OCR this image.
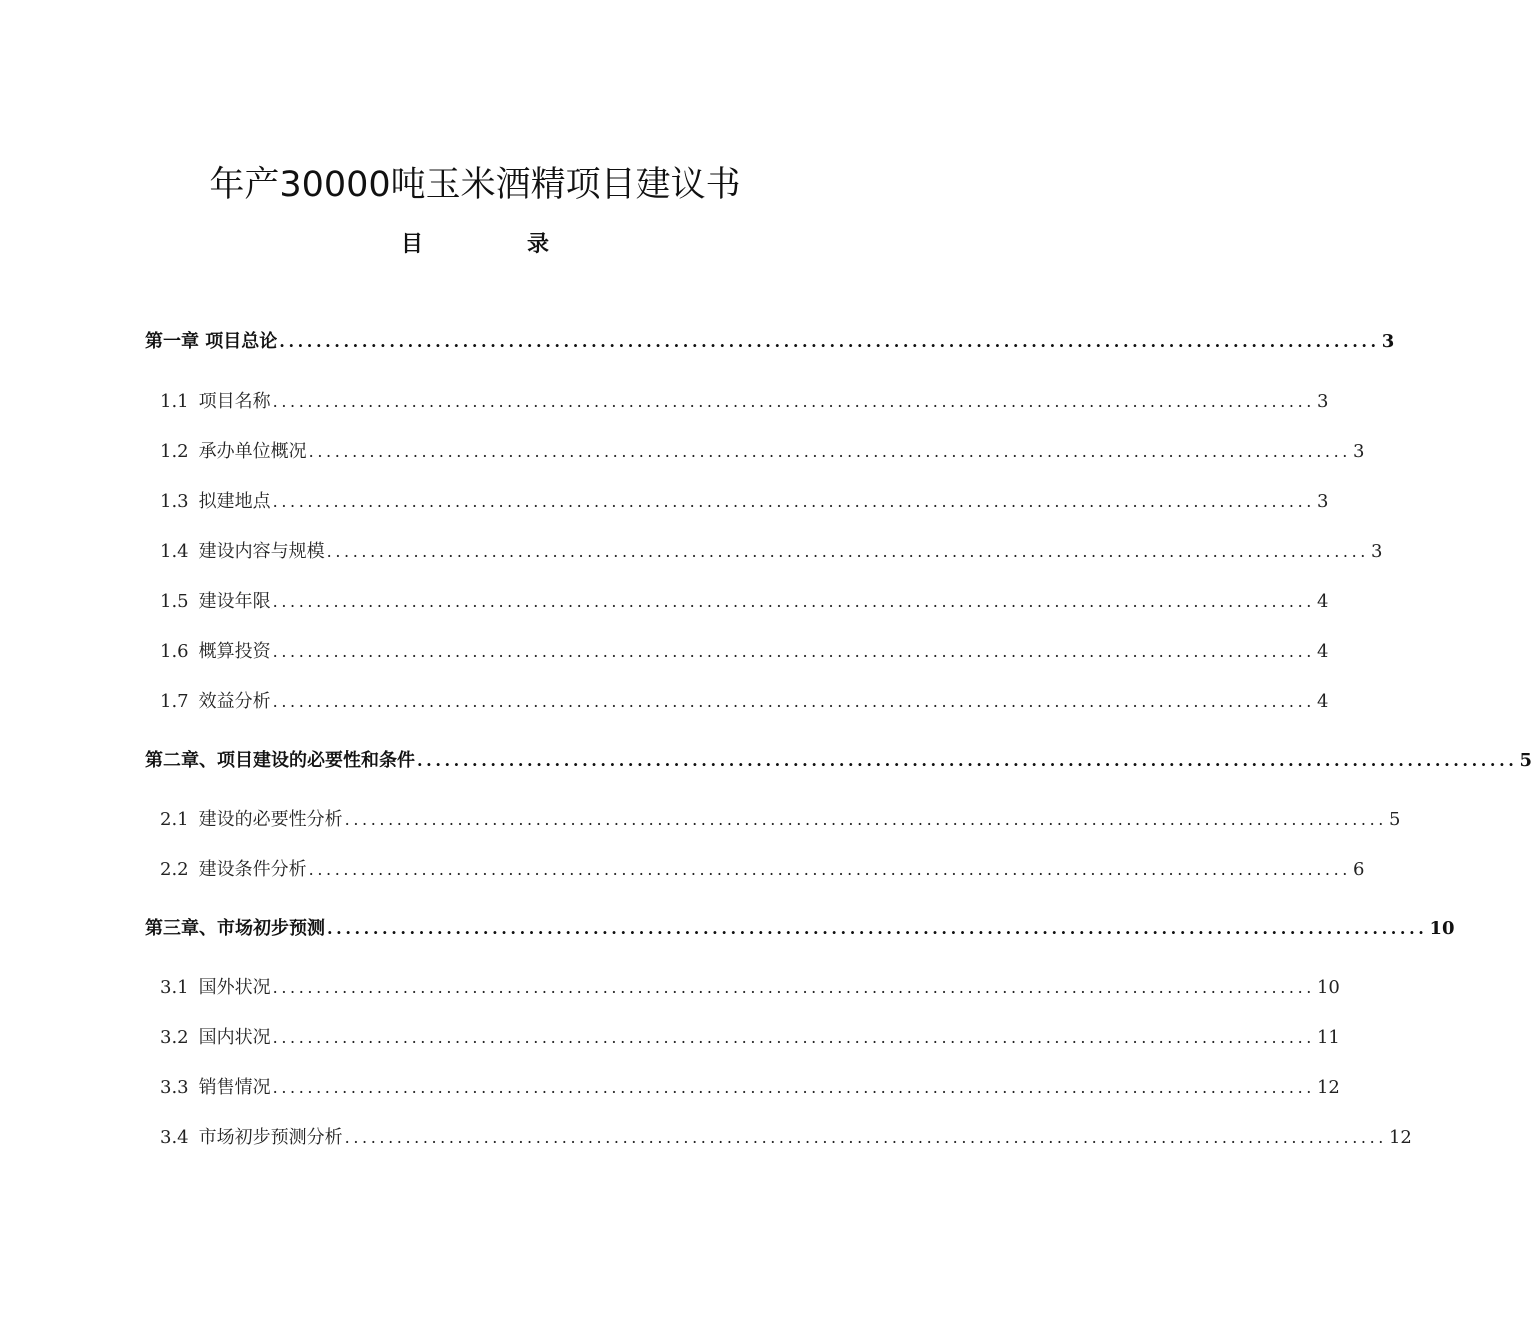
年产30000吨玉米酒精项目建议书
目	录
第一章 项目总论 ........................................................................................................................ 3
1.1 项目名称 ........................................................................................................................ 3
1.2 承办单位概况 ........................................................................................................................ 3
1.3 拟建地点 ........................................................................................................................ 3
1.4 建设内容与规模 ........................................................................................................................ 3
1.5 建设年限 ........................................................................................................................ 4
1.6 概算投资 ........................................................................................................................ 4
1.7 效益分析 ........................................................................................................................ 4
第二章、项目建设的必要性和条件 ........................................................................................................................ 5
2.1 建设的必要性分析 ........................................................................................................................ 5
2.2 建设条件分析 ........................................................................................................................ 6
第三章、市场初步预测 ........................................................................................................................ 10
3.1 国外状况 ........................................................................................................................ 10
3.2 国内状况 ........................................................................................................................ 11
3.3 销售情况 ........................................................................................................................ 12
3.4 市场初步预测分析 ........................................................................................................................ 12
